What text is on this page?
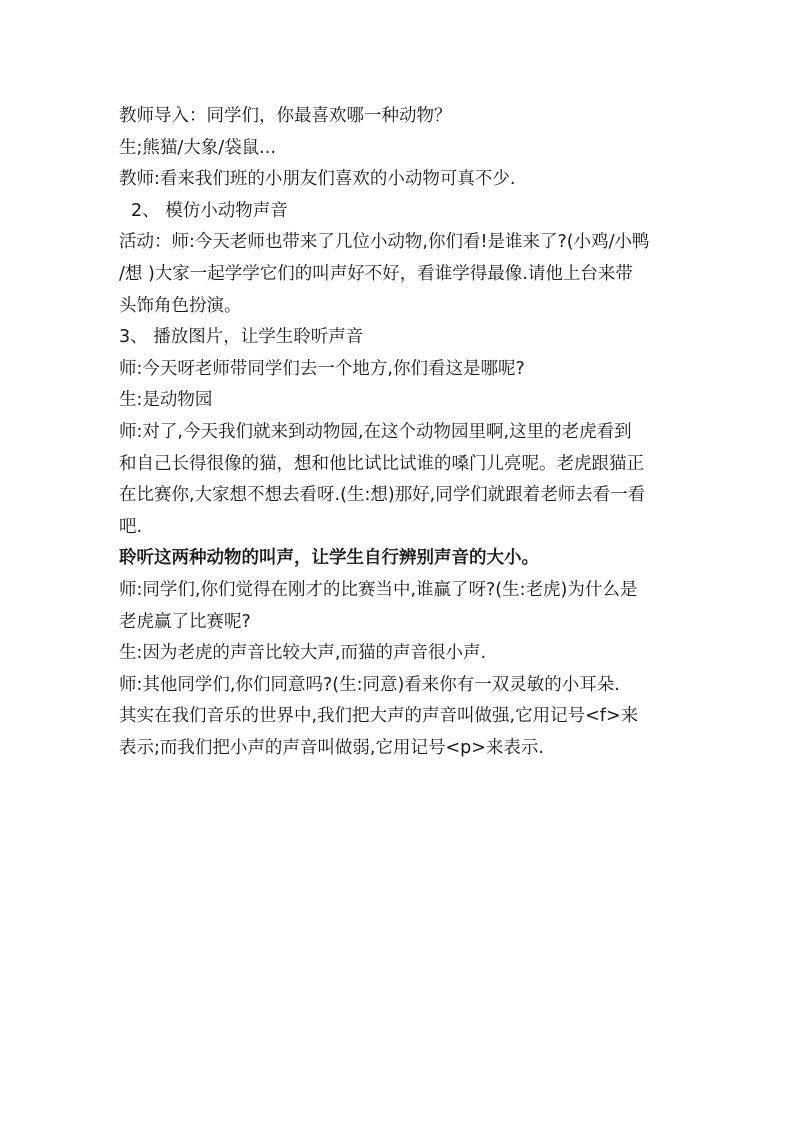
教师导入：同学们，你最喜欢哪一种动物？
生;熊猫/大象/袋鼠...
教师:看来我们班的小朋友们喜欢的小动物可真不少.
2、 模仿小动物声音
活动：师:今天老师也带来了几位小动物,你们看!是谁来了?(小鸡/小鸭
/想 )大家一起学学它们的叫声好不好，看谁学得最像.请他上台来带
头饰角色扮演。
3、 播放图片，让学生聆听声音
师:今天呀老师带同学们去一个地方,你们看这是哪呢?
生:是动物园
师:对了,今天我们就来到动物园,在这个动物园里啊,这里的老虎看到
和自己长得很像的猫，想和他比试比试谁的嗓门儿亮呢。老虎跟猫正
在比赛你,大家想不想去看呀.(生:想)那好,同学们就跟着老师去看一看
吧.
聆听这两种动物的叫声，让学生自行辨别声音的大小。
师:同学们,你们觉得在刚才的比赛当中,谁赢了呀?(生:老虎)为什么是
老虎赢了比赛呢?
生:因为老虎的声音比较大声,而猫的声音很小声.
师:其他同学们,你们同意吗?(生:同意)看来你有一双灵敏的小耳朵.
其实在我们音乐的世界中,我们把大声的声音叫做强,它用记号<f>来
表示;而我们把小声的声音叫做弱,它用记号<p>来表示.
